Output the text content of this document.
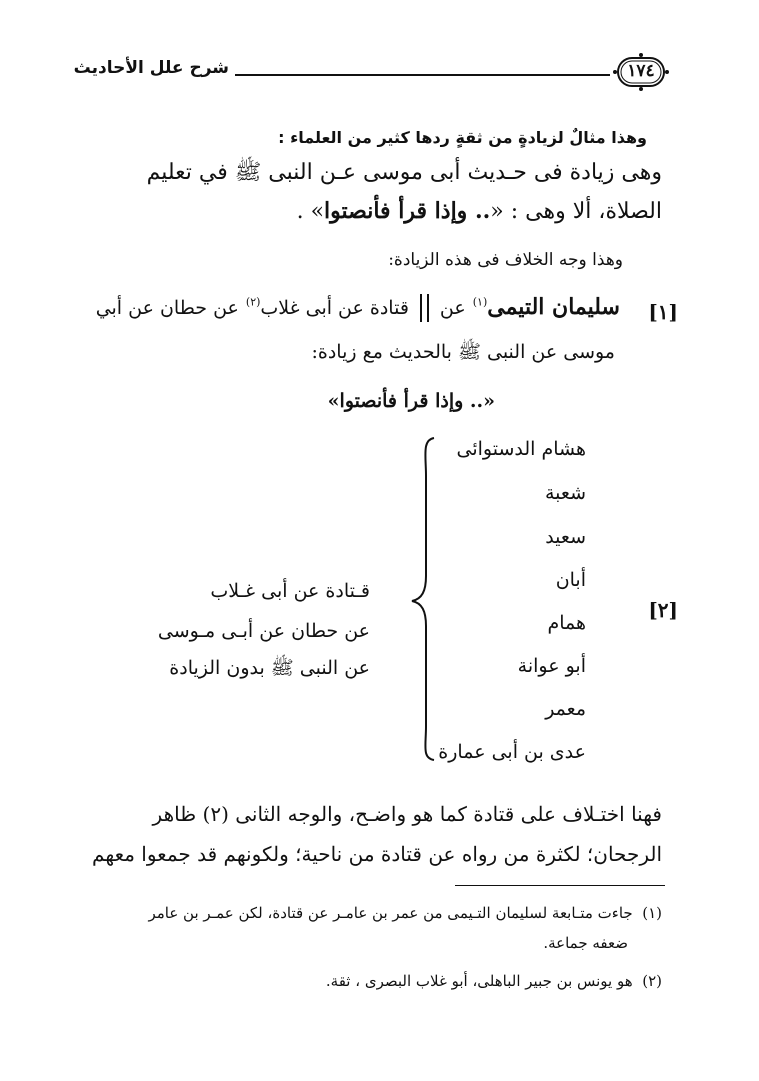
شرح علل الأحاديث	١٧٤
وهذا مثالٌ لزيادةٍ من ثقةٍ ردها كثير من العلماء :
وهى زيادة فى حـديث أبى موسى عـن النبى ﷺ في تعليم
الصلاة، ألا وهى : «.. وإذا قرأ فأنصتوا» .
وهذا وجه الخلاف فى هذه الزيادة:
[١]
سليمان التيمى$^{(١)}$ عن  قتادة عن أبى غلاب$^{(٢)}$ عن حطان عن أبي
موسى عن النبى ﷺ بالحديث مع زيادة:
«.. وإذا قرأ فأنصتوا»
[٢]
هشام الدستوائى
شعبة
سعيد
أبان
همام
أبو عوانة
معمر
عدى بن أبى عمارة
قـتادة عن أبى غـلاب
عن حطان عن أبـى مـوسى
عن النبى ﷺ بدون الزيادة
فهنا اختـلاف على قتادة كما هو واضـح، والوجه الثانى (٢) ظاهر
الرجحان؛ لكثرة من رواه عن قتادة من ناحية؛ ولكونهم قد جمعوا معهم
(١)  جاءت متـابعة لسليمان التـيمى من عمر بن عامـر عن قتادة، لكن عمـر بن عامر
ضعفه جماعة.
(٢)  هو يونس بن جبير الباهلى، أبو غلاب البصرى ، ثقة.
